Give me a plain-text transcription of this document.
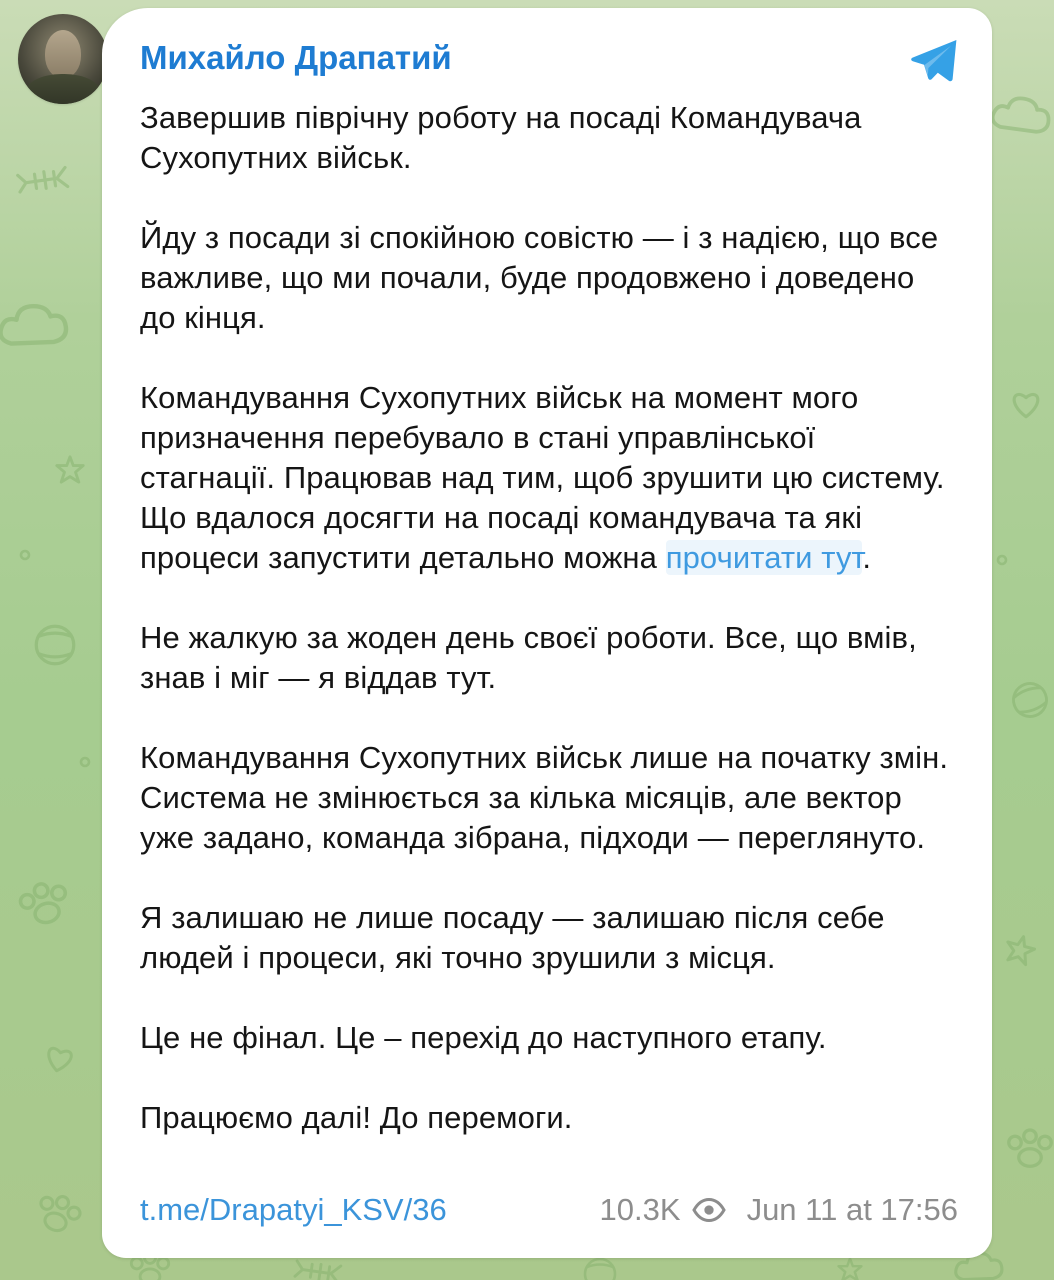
Михайло Драпатий

Завершив піврічну роботу на посаді Командувача Сухопутних військ.

Йду з посади зі спокійною совістю — і з надією, що все важливе, що ми почали, буде продовжено і доведено до кінця.

Командування Сухопутних військ на момент мого призначення перебувало в стані управлінської стагнації. Працював над тим, щоб зрушити цю систему. Що вдалося досягти на посаді командувача та які процеси запустити детально можна прочитати тут.

Не жалкую за жоден день своєї роботи. Все, що вмів, знав і міг — я віддав тут.

Командування Сухопутних військ лише на початку змін. Система не змінюється за кілька місяців, але вектор уже задано, команда зібрана, підходи — переглянуто.

Я залишаю не лише посаду — залишаю після себе людей і процеси, які точно зрушили з місця.

Це не фінал. Це – перехід до наступного етапу.

Працюємо далі! До перемоги.

t.me/Drapatyi_KSV/36	10.3K Jun 11 at 17:56
